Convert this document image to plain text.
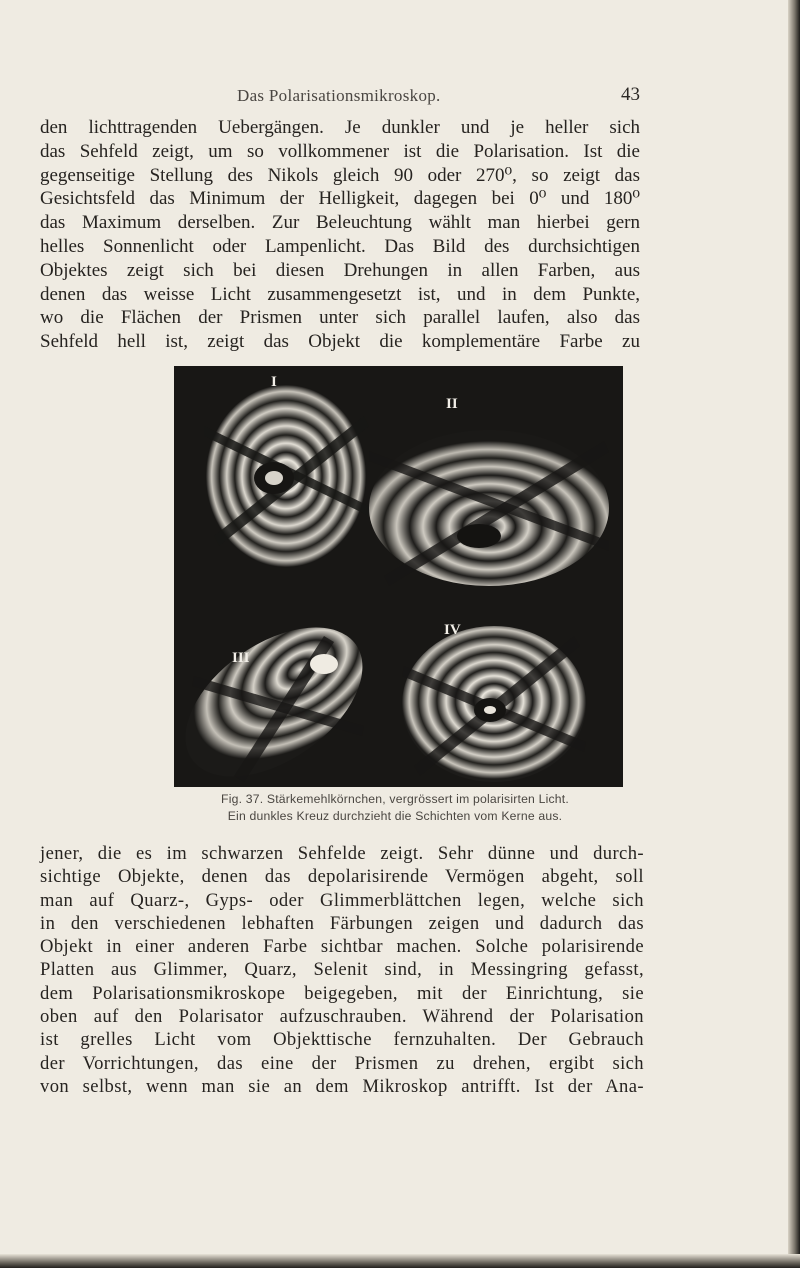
Das Polarisationsmikroskop.	43
den lichttragenden Uebergängen. Je dunkler und je heller sich
das Sehfeld zeigt, um so vollkommener ist die Polarisation. Ist die
gegenseitige Stellung des Nikols gleich 90 oder 270⁰, so zeigt das
Gesichtsfeld das Minimum der Helligkeit, dagegen bei 0⁰ und 180⁰
das Maximum derselben. Zur Beleuchtung wählt man hierbei gern
helles Sonnenlicht oder Lampenlicht. Das Bild des durchsichtigen
Objektes zeigt sich bei diesen Drehungen in allen Farben, aus
denen das weisse Licht zusammengesetzt ist, und in dem Punkte,
wo die Flächen der Prismen unter sich parallel laufen, also das
Sehfeld hell ist, zeigt das Objekt die komplementäre Farbe zu
I
II
III
IV
Fig. 37. Stärkemehlkörnchen, vergrössert im polarisirten Licht.
Ein dunkles Kreuz durchzieht die Schichten vom Kerne aus.
jener, die es im schwarzen Sehfelde zeigt. Sehr dünne und durch-
sichtige Objekte, denen das depolarisirende Vermögen abgeht, soll
man auf Quarz-, Gyps- oder Glimmerblättchen legen, welche sich
in den verschiedenen lebhaften Färbungen zeigen und dadurch das
Objekt in einer anderen Farbe sichtbar machen. Solche polarisirende
Platten aus Glimmer, Quarz, Selenit sind, in Messingring gefasst,
dem Polarisationsmikroskope beigegeben, mit der Einrichtung, sie
oben auf den Polarisator aufzuschrauben. Während der Polarisation
ist grelles Licht vom Objekttische fernzuhalten. Der Gebrauch
der Vorrichtungen, das eine der Prismen zu drehen, ergibt sich
von selbst, wenn man sie an dem Mikroskop antrifft. Ist der Ana-
